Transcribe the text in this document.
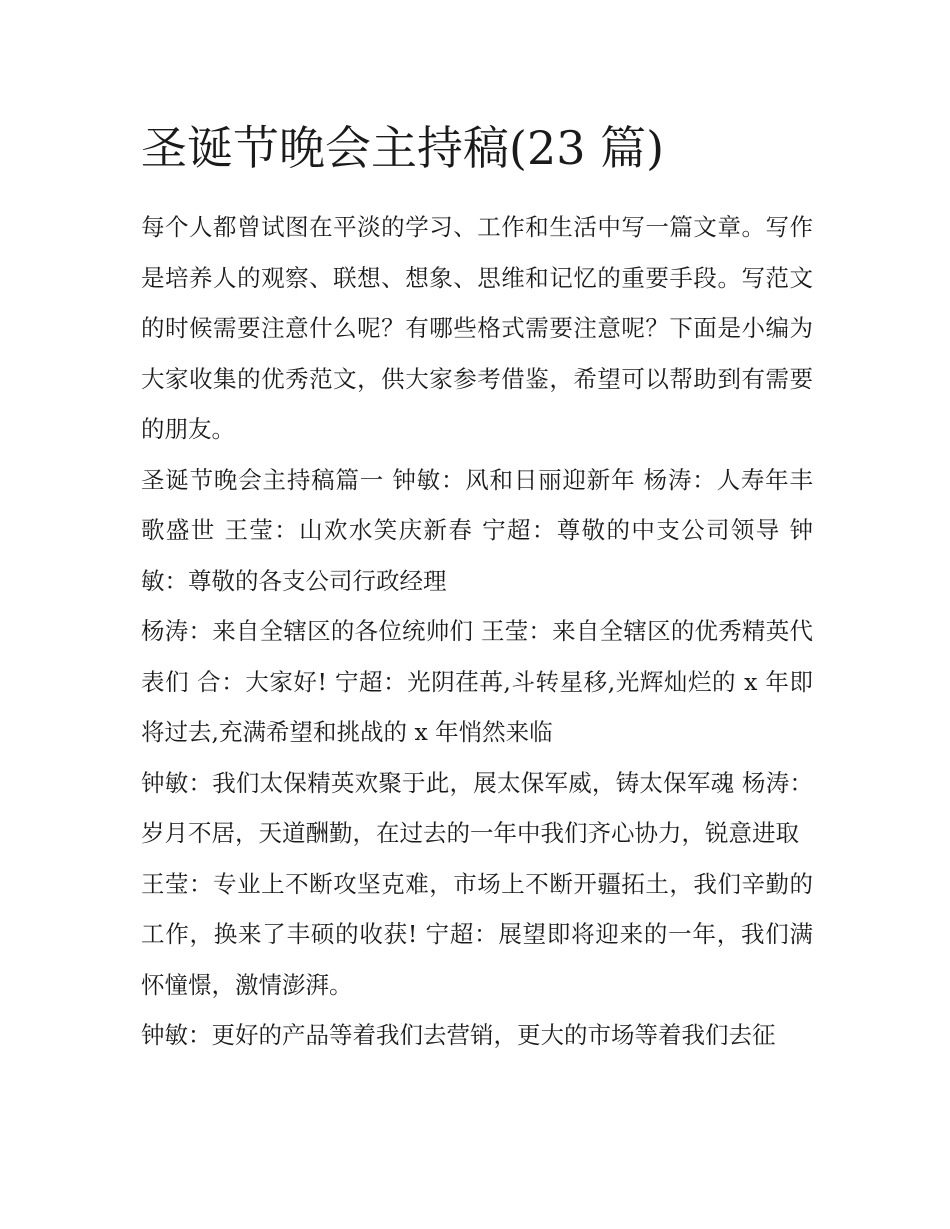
圣诞节晚会主持稿(23 篇)

每个人都曾试图在平淡的学习、工作和生活中写一篇文章。写作是培养人的观察、联想、想象、思维和记忆的重要手段。写范文的时候需要注意什么呢？有哪些格式需要注意呢？下面是小编为大家收集的优秀范文，供大家参考借鉴，希望可以帮助到有需要的朋友。

圣诞节晚会主持稿篇一 钟敏：风和日丽迎新年 杨涛：人寿年丰歌盛世 王莹：山欢水笑庆新春 宁超：尊敬的中支公司领导 钟敏：尊敬的各支公司行政经理

杨涛：来自全辖区的各位统帅们 王莹：来自全辖区的优秀精英代表们 合：大家好! 宁超：光阴荏苒,斗转星移,光辉灿烂的 x 年即将过去,充满希望和挑战的 x 年悄然来临

钟敏：我们太保精英欢聚于此，展太保军威，铸太保军魂 杨涛：岁月不居，天道酬勤，在过去的一年中我们齐心协力，锐意进取

王莹：专业上不断攻坚克难，市场上不断开疆拓土，我们辛勤的工作，换来了丰硕的收获! 宁超：展望即将迎来的一年，我们满怀憧憬，激情澎湃。

钟敏：更好的产品等着我们去营销，更大的市场等着我们去征
